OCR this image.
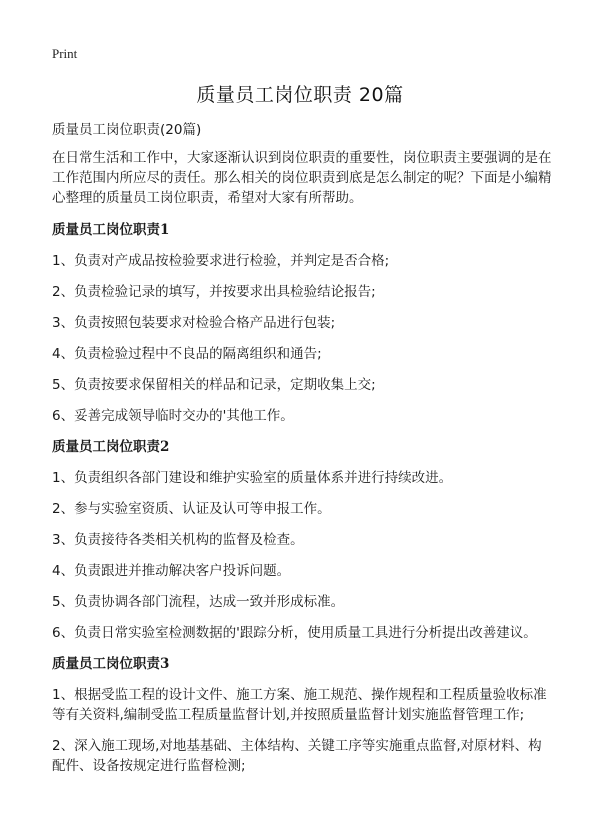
Print
质量员工岗位职责 20篇

质量员工岗位职责(20篇)

在日常生活和工作中，大家逐渐认识到岗位职责的重要性，岗位职责主要强调的是在工作范围内所应尽的责任。那么相关的岗位职责到底是怎么制定的呢？下面是小编精心整理的质量员工岗位职责，希望对大家有所帮助。

质量员工岗位职责1

1、负责对产成品按检验要求进行检验，并判定是否合格;

2、负责检验记录的填写，并按要求出具检验结论报告;

3、负责按照包装要求对检验合格产品进行包装;

4、负责检验过程中不良品的隔离组织和通告;

5、负责按要求保留相关的样品和记录，定期收集上交;

6、妥善完成领导临时交办的'其他工作。

质量员工岗位职责2

1、负责组织各部门建设和维护实验室的质量体系并进行持续改进。

2、参与实验室资质、认证及认可等申报工作。

3、负责接待各类相关机构的监督及检查。

4、负责跟进并推动解决客户投诉问题。

5、负责协调各部门流程，达成一致并形成标准。

6、负责日常实验室检测数据的'跟踪分析，使用质量工具进行分析提出改善建议。

质量员工岗位职责3

1、根据受监工程的设计文件、施工方案、施工规范、操作规程和工程质量验收标准等有关资料,编制受监工程质量监督计划,并按照质量监督计划实施监督管理工作;

2、深入施工现场,对地基基础、主体结构、关键工序等实施重点监督,对原材料、构配件、设备按规定进行监督检测;
